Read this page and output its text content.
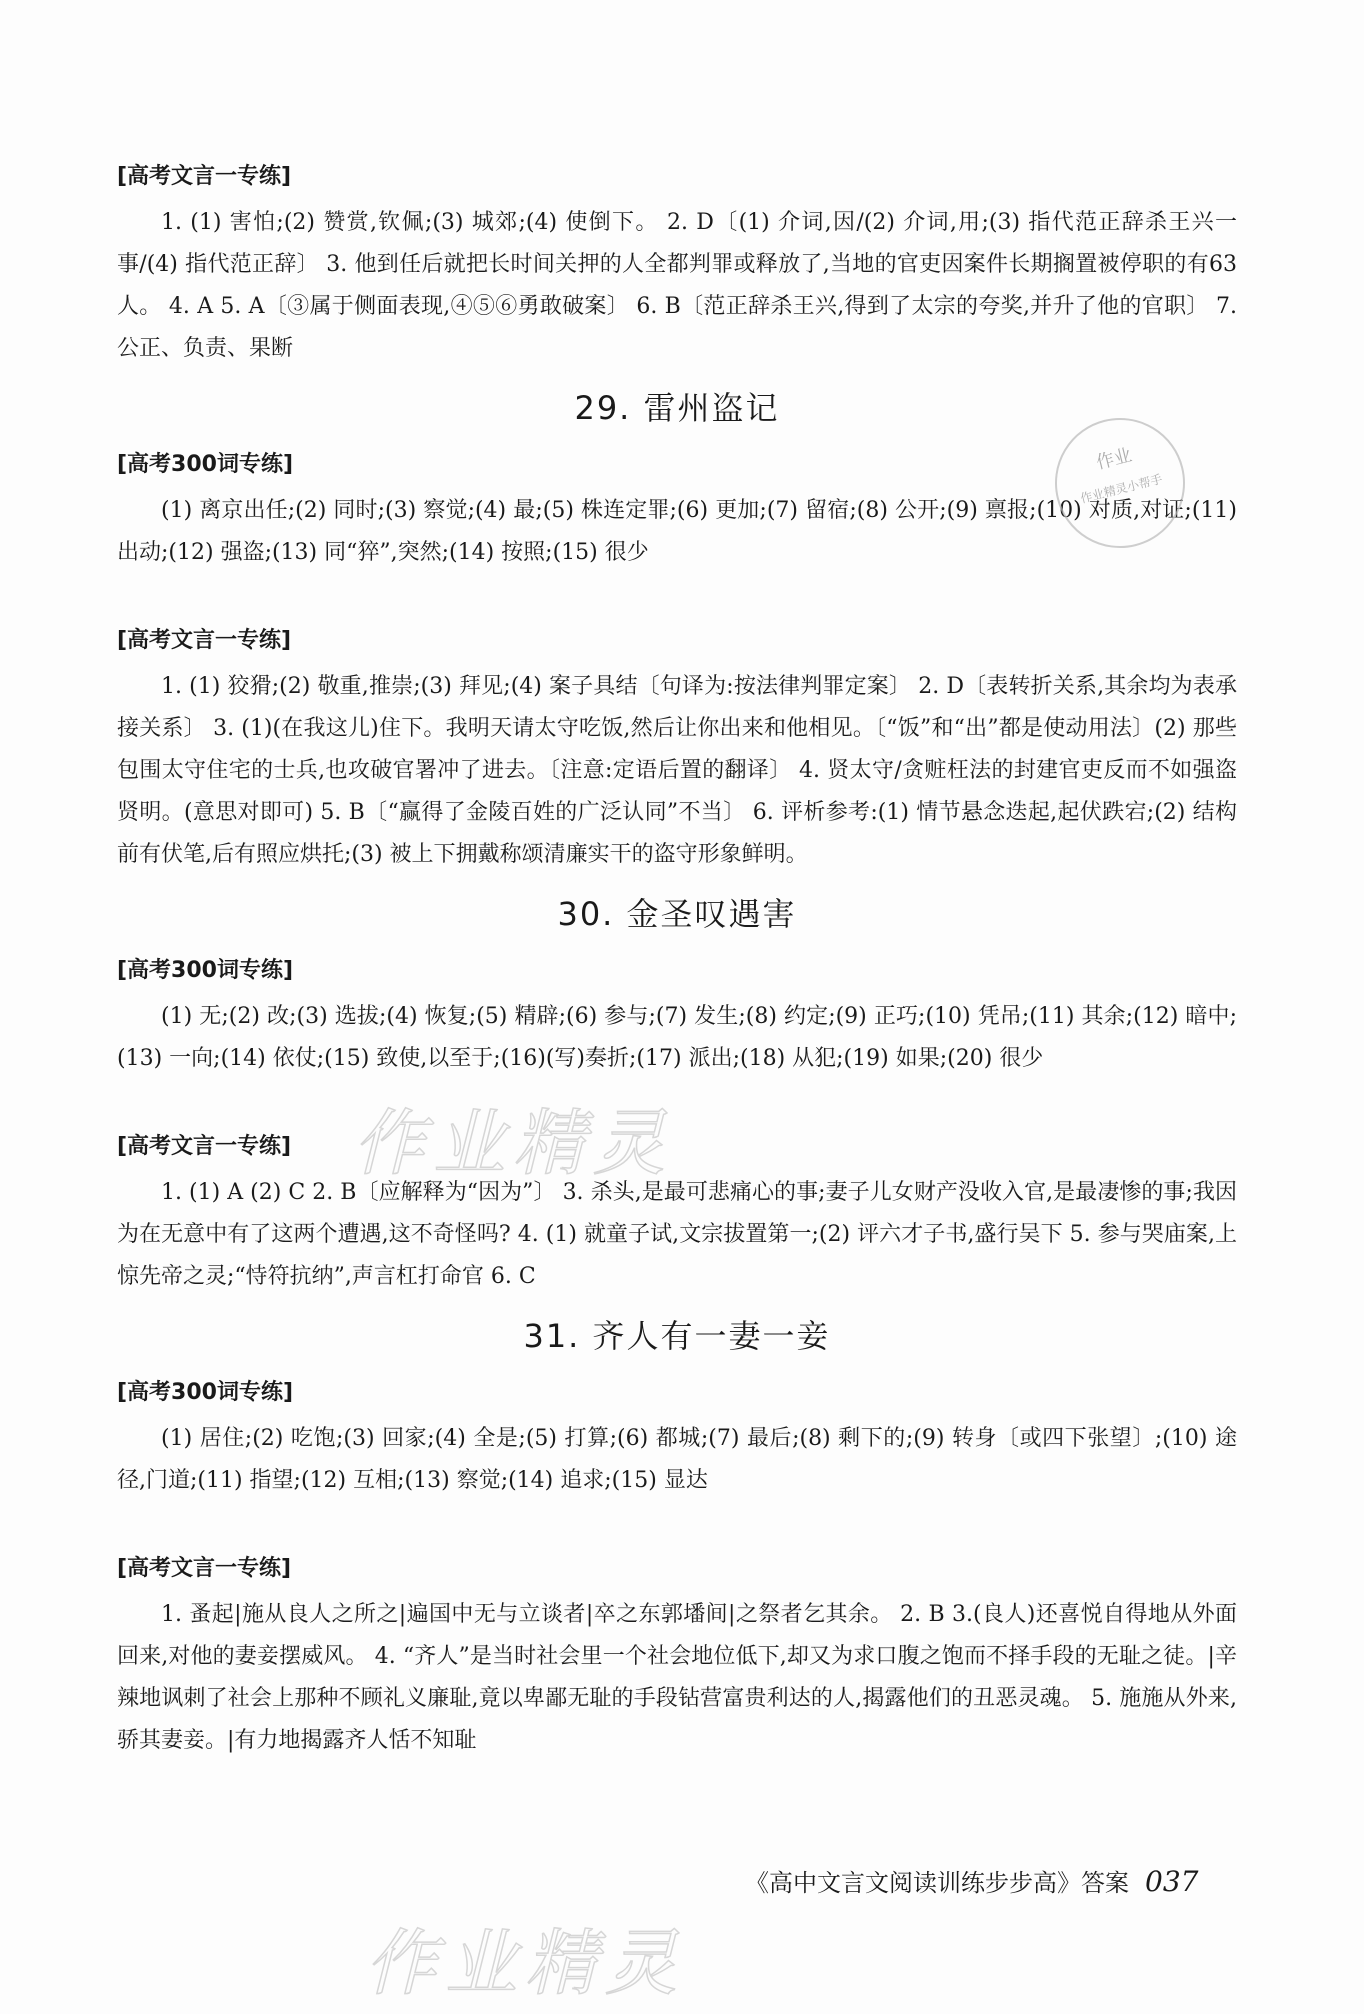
[高考文言一专练]

1. (1) 害怕;(2) 赞赏,钦佩;(3) 城郊;(4) 使倒下。 2. D〔(1) 介词,因/(2) 介词,用;(3) 指代范正辞杀王兴一事/(4) 指代范正辞〕 3. 他到任后就把长时间关押的人全都判罪或释放了,当地的官吏因案件长期搁置被停职的有63人。 4. A 5. A〔③属于侧面表现,④⑤⑥勇敢破案〕 6. B〔范正辞杀王兴,得到了太宗的夸奖,并升了他的官职〕 7. 公正、负责、果断

29. 雷州盗记
[高考300词专练]

(1) 离京出任;(2) 同时;(3) 察觉;(4) 最;(5) 株连定罪;(6) 更加;(7) 留宿;(8) 公开;(9) 禀报;(10) 对质,对证;(11) 出动;(12) 强盗;(13) 同“猝”,突然;(14) 按照;(15) 很少

[高考文言一专练]

1. (1) 狡猾;(2) 敬重,推崇;(3) 拜见;(4) 案子具结〔句译为:按法律判罪定案〕 2. D〔表转折关系,其余均为表承接关系〕 3. (1)(在我这儿)住下。我明天请太守吃饭,然后让你出来和他相见。〔“饭”和“出”都是使动用法〕(2) 那些包围太守住宅的士兵,也攻破官署冲了进去。〔注意:定语后置的翻译〕 4. 贤太守/贪赃枉法的封建官吏反而不如强盗贤明。(意思对即可) 5. B〔“赢得了金陵百姓的广泛认同”不当〕 6. 评析参考:(1) 情节悬念迭起,起伏跌宕;(2) 结构前有伏笔,后有照应烘托;(3) 被上下拥戴称颂清廉实干的盗守形象鲜明。

30. 金圣叹遇害
[高考300词专练]

(1) 无;(2) 改;(3) 选拔;(4) 恢复;(5) 精辟;(6) 参与;(7) 发生;(8) 约定;(9) 正巧;(10) 凭吊;(11) 其余;(12) 暗中;(13) 一向;(14) 依仗;(15) 致使,以至于;(16)(写)奏折;(17) 派出;(18) 从犯;(19) 如果;(20) 很少

[高考文言一专练]

1. (1) A (2) C 2. B〔应解释为“因为”〕 3. 杀头,是最可悲痛心的事;妻子儿女财产没收入官,是最凄惨的事;我因为在无意中有了这两个遭遇,这不奇怪吗? 4. (1) 就童子试,文宗拔置第一;(2) 评六才子书,盛行吴下 5. 参与哭庙案,上惊先帝之灵;“恃符抗纳”,声言杠打命官 6. C

31. 齐人有一妻一妾
[高考300词专练]

(1) 居住;(2) 吃饱;(3) 回家;(4) 全是;(5) 打算;(6) 都城;(7) 最后;(8) 剩下的;(9) 转身〔或四下张望〕;(10) 途径,门道;(11) 指望;(12) 互相;(13) 察觉;(14) 追求;(15) 显达

[高考文言一专练]

1. 蚤起|施从良人之所之|遍国中无与立谈者|卒之东郭墦间|之祭者乞其余。 2. B 3.(良人)还喜悦自得地从外面回来,对他的妻妾摆威风。 4. “齐人”是当时社会里一个社会地位低下,却又为求口腹之饱而不择手段的无耻之徒。|辛辣地讽刺了社会上那种不顾礼义廉耻,竟以卑鄙无耻的手段钻营富贵利达的人,揭露他们的丑恶灵魂。 5. 施施从外来,骄其妻妾。|有力地揭露齐人恬不知耻

作业
作业精灵小帮手
作业精灵
作业精灵
《高中文言文阅读训练步步高》答案 037
